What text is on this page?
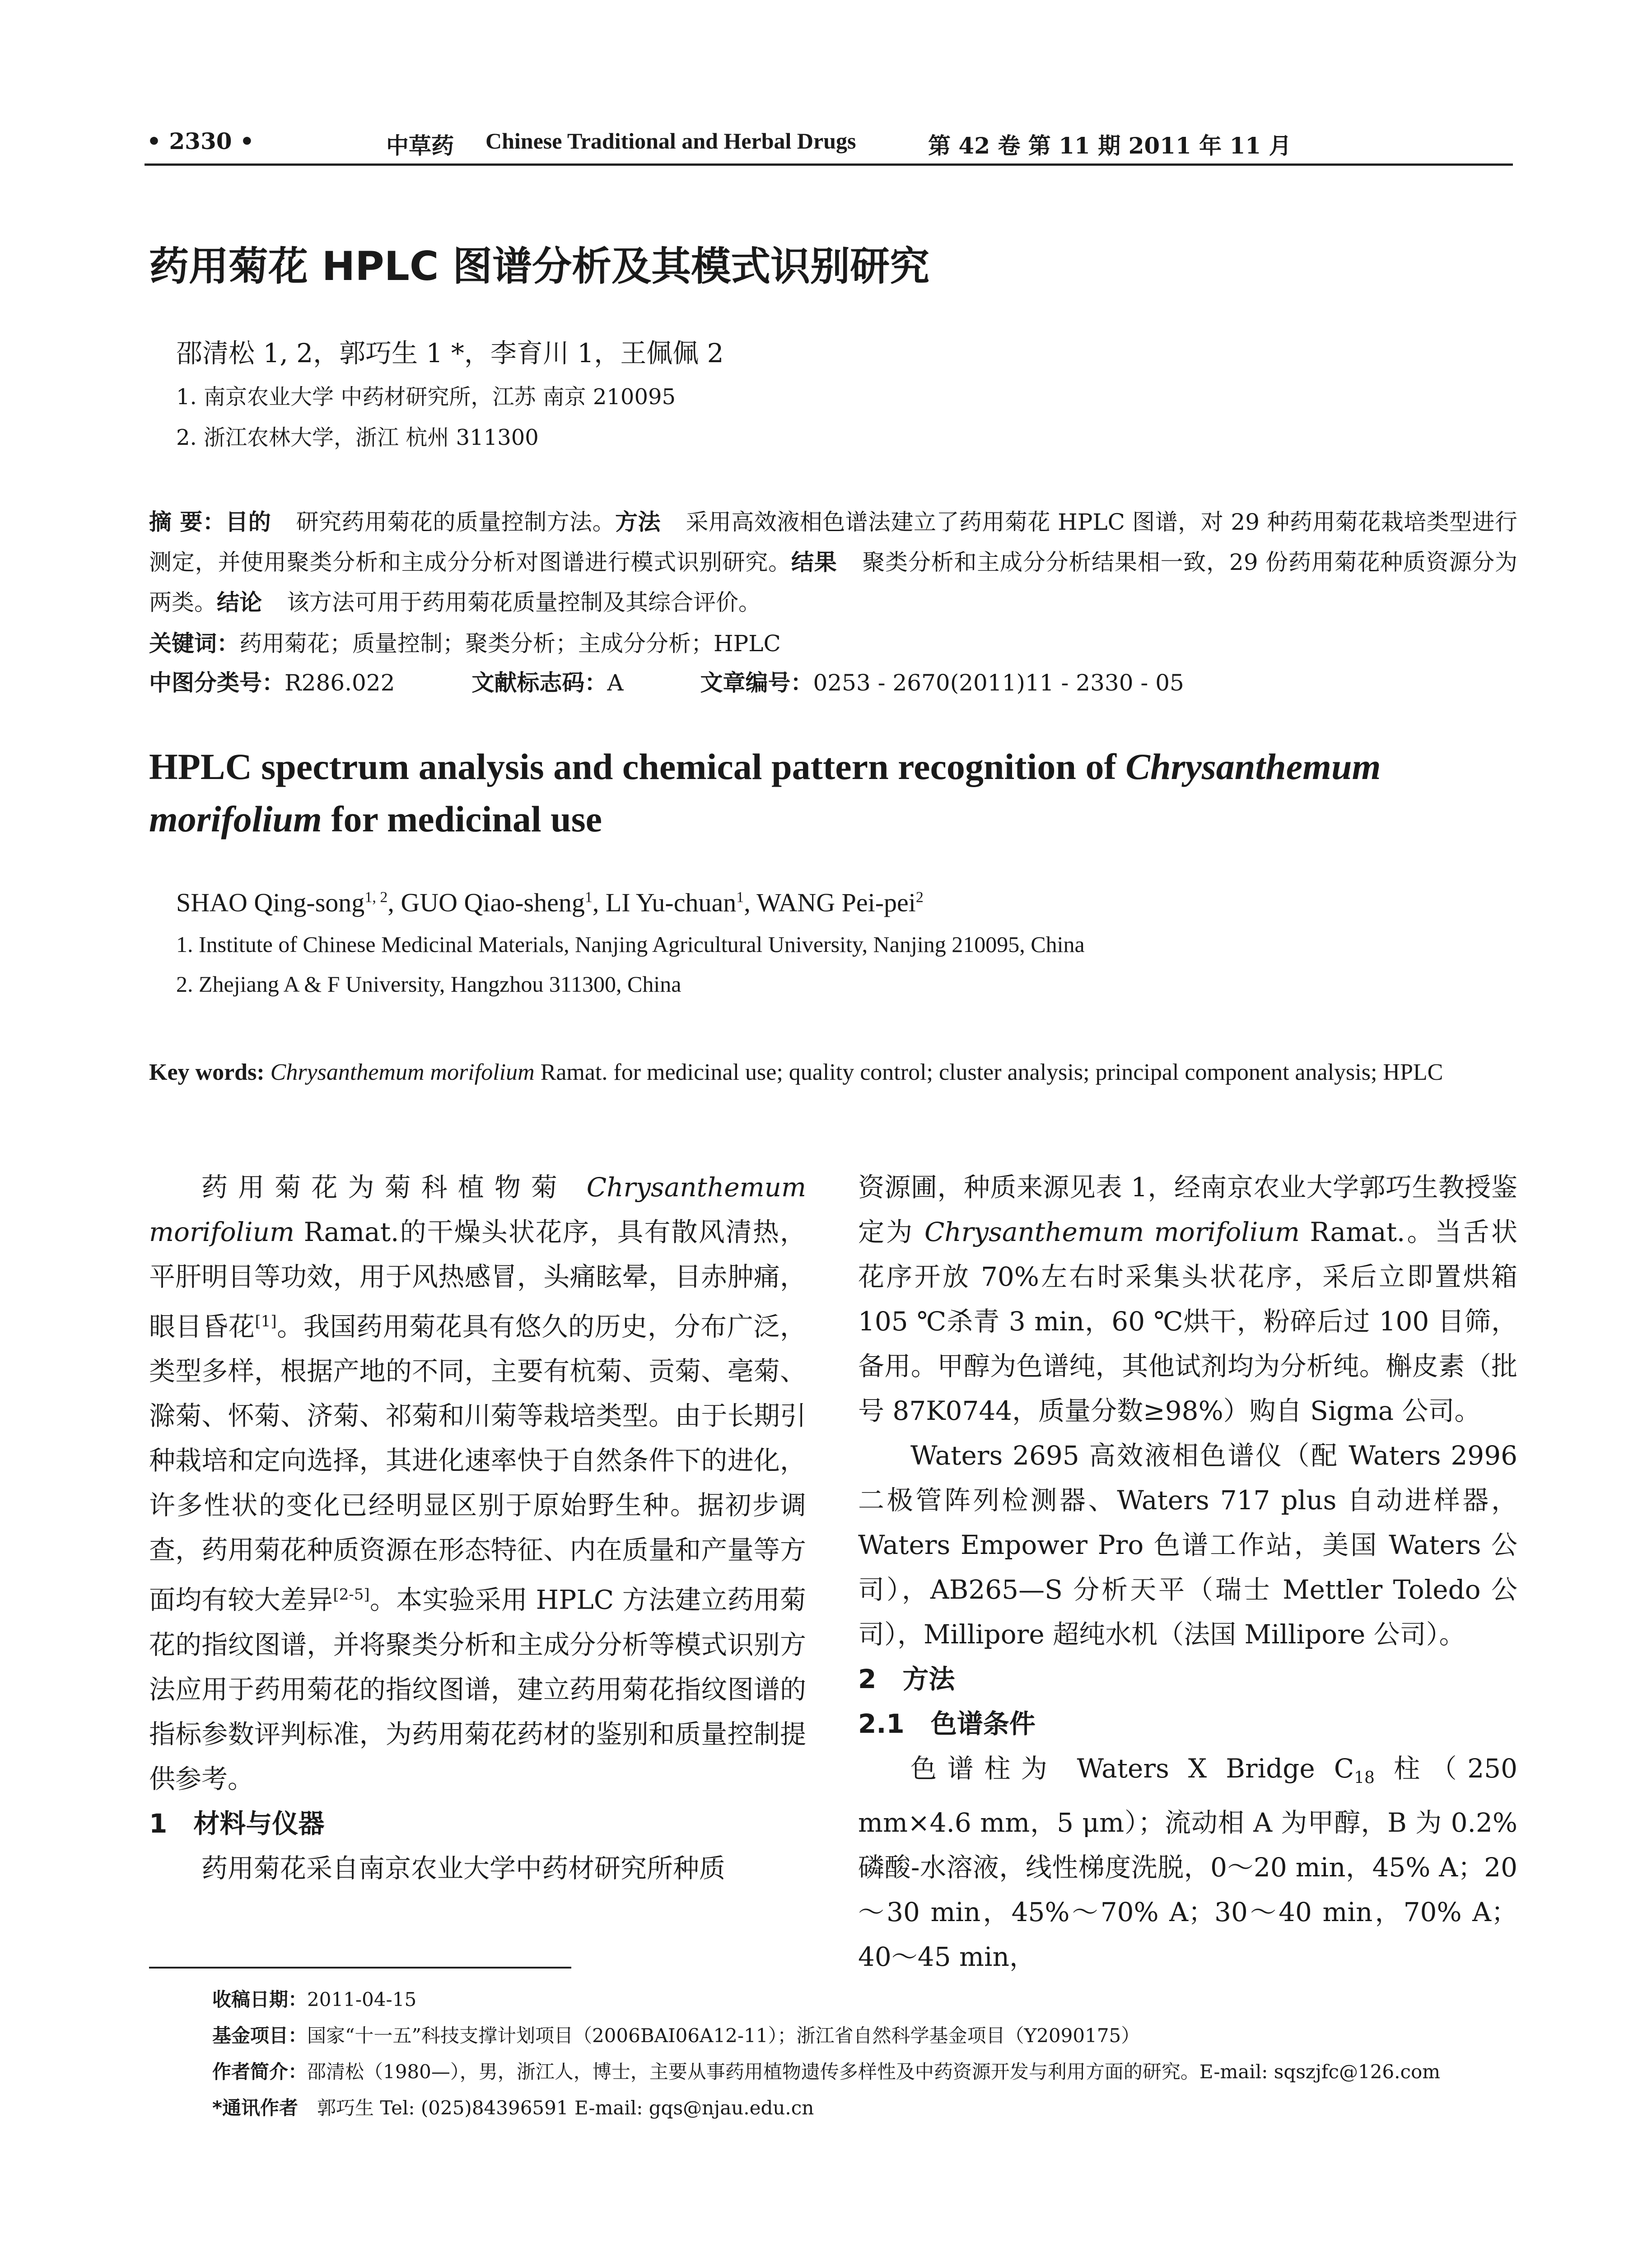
• 2330 •	中草药 Chinese Traditional and Herbal Drugs	第 42 卷 第 11 期 2011 年 11 月
药用菊花 HPLC 图谱分析及其模式识别研究
邵清松 1, 2，郭巧生 1 *，李育川 1，王佩佩 2
1. 南京农业大学 中药材研究所，江苏 南京 210095
2. 浙江农林大学，浙江 杭州 311300
摘 要：目的 研究药用菊花的质量控制方法。方法 采用高效液相色谱法建立了药用菊花 HPLC 图谱，对 29 种药用菊花栽培类型进行测定，并使用聚类分析和主成分分析对图谱进行模式识别研究。结果 聚类分析和主成分分析结果相一致，29 份药用菊花种质资源分为两类。结论 该方法可用于药用菊花质量控制及其综合评价。
关键词：药用菊花；质量控制；聚类分析；主成分分析；HPLC
中图分类号：R286.022	文献标志码：A	文章编号：0253 - 2670(2011)11 - 2330 - 05
HPLC spectrum analysis and chemical pattern recognition of Chrysanthemum morifolium for medicinal use
SHAO Qing-song$^{1, 2}$, GUO Qiao-sheng$^1$, LI Yu-chuan$^1$, WANG Pei-pei$^2$
1. Institute of Chinese Medicinal Materials, Nanjing Agricultural University, Nanjing 210095, China
2. Zhejiang A & F University, Hangzhou 311300, China
Key words: Chrysanthemum morifolium Ramat. for medicinal use; quality control; cluster analysis; principal component analysis; HPLC

药用菊花为菊科植物菊 Chrysanthemum morifolium Ramat.的干燥头状花序，具有散风清热，平肝明目等功效，用于风热感冒，头痛眩晕，目赤肿痛，眼目昏花[1]。我国药用菊花具有悠久的历史，分布广泛，类型多样，根据产地的不同，主要有杭菊、贡菊、亳菊、滁菊、怀菊、济菊、祁菊和川菊等栽培类型。由于长期引种栽培和定向选择，其进化速率快于自然条件下的进化，许多性状的变化已经明显区别于原始野生种。据初步调查，药用菊花种质资源在形态特征、内在质量和产量等方面均有较大差异[2-5]。本实验采用 HPLC 方法建立药用菊花的指纹图谱，并将聚类分析和主成分分析等模式识别方法应用于药用菊花的指纹图谱，建立药用菊花指纹图谱的指标参数评判标准，为药用菊花药材的鉴别和质量控制提供参考。

1　材料与仪器

药用菊花采自南京农业大学中药材研究所种质

资源圃，种质来源见表 1，经南京农业大学郭巧生教授鉴定为 Chrysanthemum morifolium Ramat.。当舌状花序开放 70%左右时采集头状花序，采后立即置烘箱 105 ℃杀青 3 min，60 ℃烘干，粉碎后过 100 目筛，备用。甲醇为色谱纯，其他试剂均为分析纯。槲皮素（批号 87K0744，质量分数≥98%）购自 Sigma 公司。

Waters 2695 高效液相色谱仪（配 Waters 2996 二极管阵列检测器、Waters 717 plus 自动进样器，Waters Empower Pro 色谱工作站，美国 Waters 公司），AB265—S 分析天平（瑞士 Mettler Toledo 公司），Millipore 超纯水机（法国 Millipore 公司）。

2　方法

2.1　色谱条件

色谱柱为 Waters X Bridge $C_{18}$ 柱（250 mm×4.6 mm，5 μm）；流动相 A 为甲醇，B 为 0.2%磷酸-水溶液，线性梯度洗脱，0～20 min，45% A；20～30 min，45%～70% A；30～40 min，70% A；40～45 min，

收稿日期：2011-04-15
基金项目：国家“十一五”科技支撑计划项目（2006BAI06A12-11）；浙江省自然科学基金项目（Y2090175）
作者简介：邵清松（1980—），男，浙江人，博士，主要从事药用植物遗传多样性及中药资源开发与利用方面的研究。E-mail: sqszjfc@126.com
*通讯作者　 郭巧生 Tel: (025)84396591 E-mail: gqs@njau.edu.cn
